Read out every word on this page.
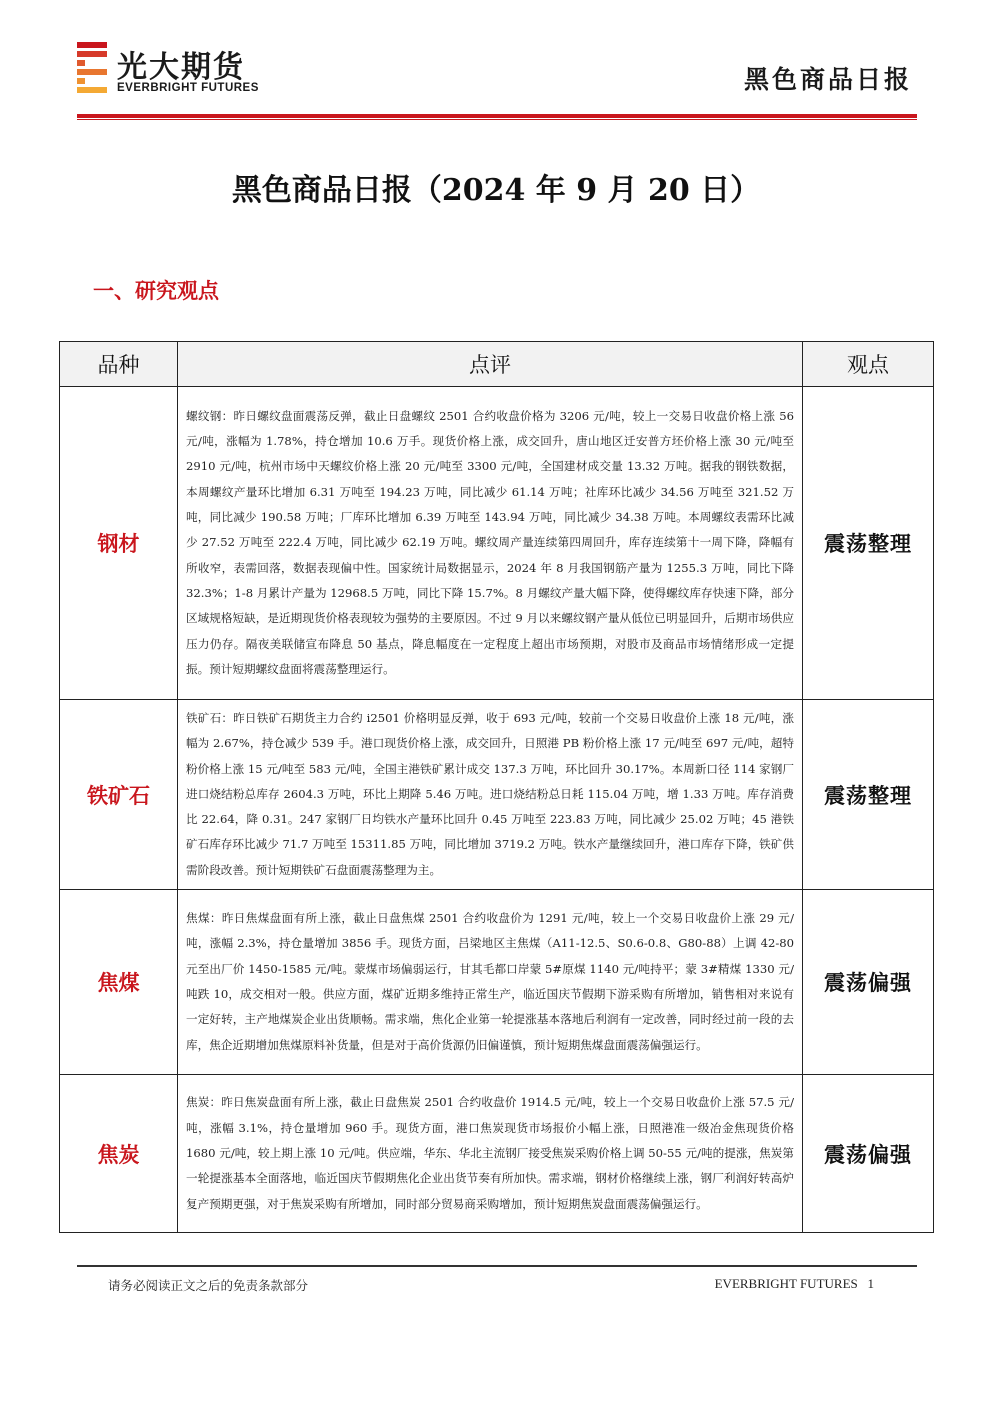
光大期货
EVERBRIGHT FUTURES	黑色商品日报
黑色商品日报（2024 年 9 月 20 日）
一、研究观点
品种	点评	观点
钢材	螺纹钢：昨日螺纹盘面震荡反弹，截止日盘螺纹 2501 合约收盘价格为 3206 元/吨，较上一交易日收盘价格上涨 56 元/吨，涨幅为 1.78%，持仓增加 10.6 万手。现货价格上涨，成交回升，唐山地区迁安普方坯价格上涨 30 元/吨至 2910 元/吨，杭州市场中天螺纹价格上涨 20 元/吨至 3300 元/吨，全国建材成交量 13.32 万吨。据我的钢铁数据，本周螺纹产量环比增加 6.31 万吨至 194.23 万吨，同比减少 61.14 万吨；社库环比减少 34.56 万吨至 321.52 万吨，同比减少 190.58 万吨；厂库环比增加 6.39 万吨至 143.94 万吨，同比减少 34.38 万吨。本周螺纹表需环比减少 27.52 万吨至 222.4 万吨，同比减少 62.19 万吨。螺纹周产量连续第四周回升，库存连续第十一周下降，降幅有所收窄，表需回落，数据表现偏中性。国家统计局数据显示，2024 年 8 月我国钢筋产量为 1255.3 万吨，同比下降 32.3%；1-8 月累计产量为 12968.5 万吨，同比下降 15.7%。8 月螺纹产量大幅下降，使得螺纹库存快速下降，部分区域规格短缺，是近期现货价格表现较为强势的主要原因。不过 9 月以来螺纹钢产量从低位已明显回升，后期市场供应压力仍存。隔夜美联储宣布降息 50 基点，降息幅度在一定程度上超出市场预期，对股市及商品市场情绪形成一定提振。预计短期螺纹盘面将震荡整理运行。	震荡整理
铁矿石	铁矿石：昨日铁矿石期货主力合约 i2501 价格明显反弹，收于 693 元/吨，较前一个交易日收盘价上涨 18 元/吨，涨幅为 2.67%，持仓减少 539 手。港口现货价格上涨，成交回升，日照港 PB 粉价格上涨 17 元/吨至 697 元/吨，超特粉价格上涨 15 元/吨至 583 元/吨，全国主港铁矿累计成交 137.3 万吨，环比回升 30.17%。本周新口径 114 家钢厂进口烧结粉总库存 2604.3 万吨，环比上期降 5.46 万吨。进口烧结粉总日耗 115.04 万吨，增 1.33 万吨。库存消费比 22.64，降 0.31。247 家钢厂日均铁水产量环比回升 0.45 万吨至 223.83 万吨，同比减少 25.02 万吨；45 港铁矿石库存环比减少 71.7 万吨至 15311.85 万吨，同比增加 3719.2 万吨。铁水产量继续回升，港口库存下降，铁矿供需阶段改善。预计短期铁矿石盘面震荡整理为主。	震荡整理
焦煤	焦煤：昨日焦煤盘面有所上涨，截止日盘焦煤 2501 合约收盘价为 1291 元/吨，较上一个交易日收盘价上涨 29 元/吨，涨幅 2.3%，持仓量增加 3856 手。现货方面，吕梁地区主焦煤（A11-12.5、S0.6-0.8、G80-88）上调 42-80 元至出厂价 1450-1585 元/吨。蒙煤市场偏弱运行，甘其毛都口岸蒙 5#原煤 1140 元/吨持平；蒙 3#精煤 1330 元/吨跌 10，成交相对一般。供应方面，煤矿近期多维持正常生产，临近国庆节假期下游采购有所增加，销售相对来说有一定好转，主产地煤炭企业出货顺畅。需求端，焦化企业第一轮提涨基本落地后利润有一定改善，同时经过前一段的去库，焦企近期增加焦煤原料补货量，但是对于高价货源仍旧偏谨慎，预计短期焦煤盘面震荡偏强运行。	震荡偏强
焦炭	焦炭：昨日焦炭盘面有所上涨，截止日盘焦炭 2501 合约收盘价 1914.5 元/吨，较上一个交易日收盘价上涨 57.5 元/吨，涨幅 3.1%，持仓量增加 960 手。现货方面，港口焦炭现货市场报价小幅上涨，日照港准一级冶金焦现货价格 1680 元/吨，较上期上涨 10 元/吨。供应端，华东、华北主流钢厂接受焦炭采购价格上调 50-55 元/吨的提涨，焦炭第一轮提涨基本全面落地，临近国庆节假期焦化企业出货节奏有所加快。需求端，钢材价格继续上涨，钢厂利润好转高炉复产预期更强，对于焦炭采购有所增加，同时部分贸易商采购增加，预计短期焦炭盘面震荡偏强运行。	震荡偏强
请务必阅读正文之后的免责条款部分	EVERBRIGHT FUTURES 1
